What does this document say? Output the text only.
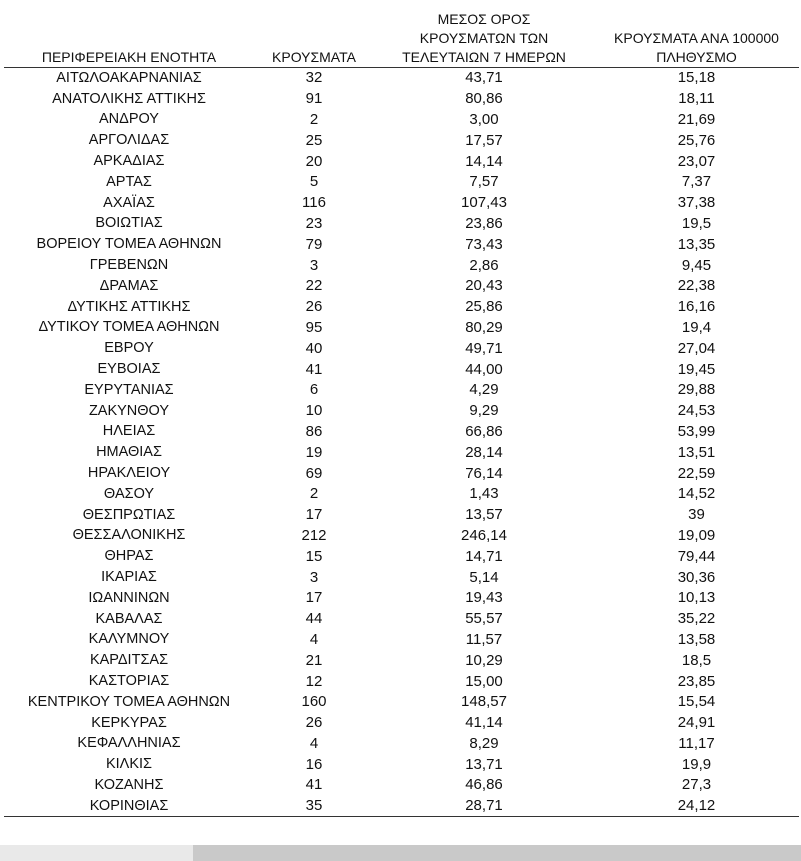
ΠΕΡΙΦΕΡΕΙΑΚΗ ΕΝΟΤΗΤΑ	ΚΡΟΥΣΜΑΤΑ	ΜΕΣΟΣ ΟΡΟΣ
ΚΡΟΥΣΜΑΤΩΝ ΤΩΝ
ΤΕΛΕΥΤΑΙΩΝ 7 ΗΜΕΡΩΝ	ΚΡΟΥΣΜΑΤΑ ΑΝΑ 100000
ΠΛΗΘΥΣΜΟ

ΑΙΤΩΛΟΑΚΑΡΝΑΝΙΑΣ	32	43,71	15,18
ΑΝΑΤΟΛΙΚΗΣ ΑΤΤΙΚΗΣ	91	80,86	18,11
ΑΝΔΡΟΥ	2	3,00	21,69
ΑΡΓΟΛΙΔΑΣ	25	17,57	25,76
ΑΡΚΑΔΙΑΣ	20	14,14	23,07
ΑΡΤΑΣ	5	7,57	7,37
ΑΧΑΪΑΣ	116	107,43	37,38
ΒΟΙΩΤΙΑΣ	23	23,86	19,5
ΒΟΡΕΙΟΥ ΤΟΜΕΑ ΑΘΗΝΩΝ	79	73,43	13,35
ΓΡΕΒΕΝΩΝ	3	2,86	9,45
ΔΡΑΜΑΣ	22	20,43	22,38
ΔΥΤΙΚΗΣ ΑΤΤΙΚΗΣ	26	25,86	16,16
ΔΥΤΙΚΟΥ ΤΟΜΕΑ ΑΘΗΝΩΝ	95	80,29	19,4
ΕΒΡΟΥ	40	49,71	27,04
ΕΥΒΟΙΑΣ	41	44,00	19,45
ΕΥΡΥΤΑΝΙΑΣ	6	4,29	29,88
ΖΑΚΥΝΘΟΥ	10	9,29	24,53
ΗΛΕΙΑΣ	86	66,86	53,99
ΗΜΑΘΙΑΣ	19	28,14	13,51
ΗΡΑΚΛΕΙΟΥ	69	76,14	22,59
ΘΑΣΟΥ	2	1,43	14,52
ΘΕΣΠΡΩΤΙΑΣ	17	13,57	39
ΘΕΣΣΑΛΟΝΙΚΗΣ	212	246,14	19,09
ΘΗΡΑΣ	15	14,71	79,44
ΙΚΑΡΙΑΣ	3	5,14	30,36
ΙΩΑΝΝΙΝΩΝ	17	19,43	10,13
ΚΑΒΑΛΑΣ	44	55,57	35,22
ΚΑΛΥΜΝΟΥ	4	11,57	13,58
ΚΑΡΔΙΤΣΑΣ	21	10,29	18,5
ΚΑΣΤΟΡΙΑΣ	12	15,00	23,85
ΚΕΝΤΡΙΚΟΥ ΤΟΜΕΑ ΑΘΗΝΩΝ	160	148,57	15,54
ΚΕΡΚΥΡΑΣ	26	41,14	24,91
ΚΕΦΑΛΛΗΝΙΑΣ	4	8,29	11,17
ΚΙΛΚΙΣ	16	13,71	19,9
ΚΟΖΑΝΗΣ	41	46,86	27,3
ΚΟΡΙΝΘΙΑΣ	35	28,71	24,12
